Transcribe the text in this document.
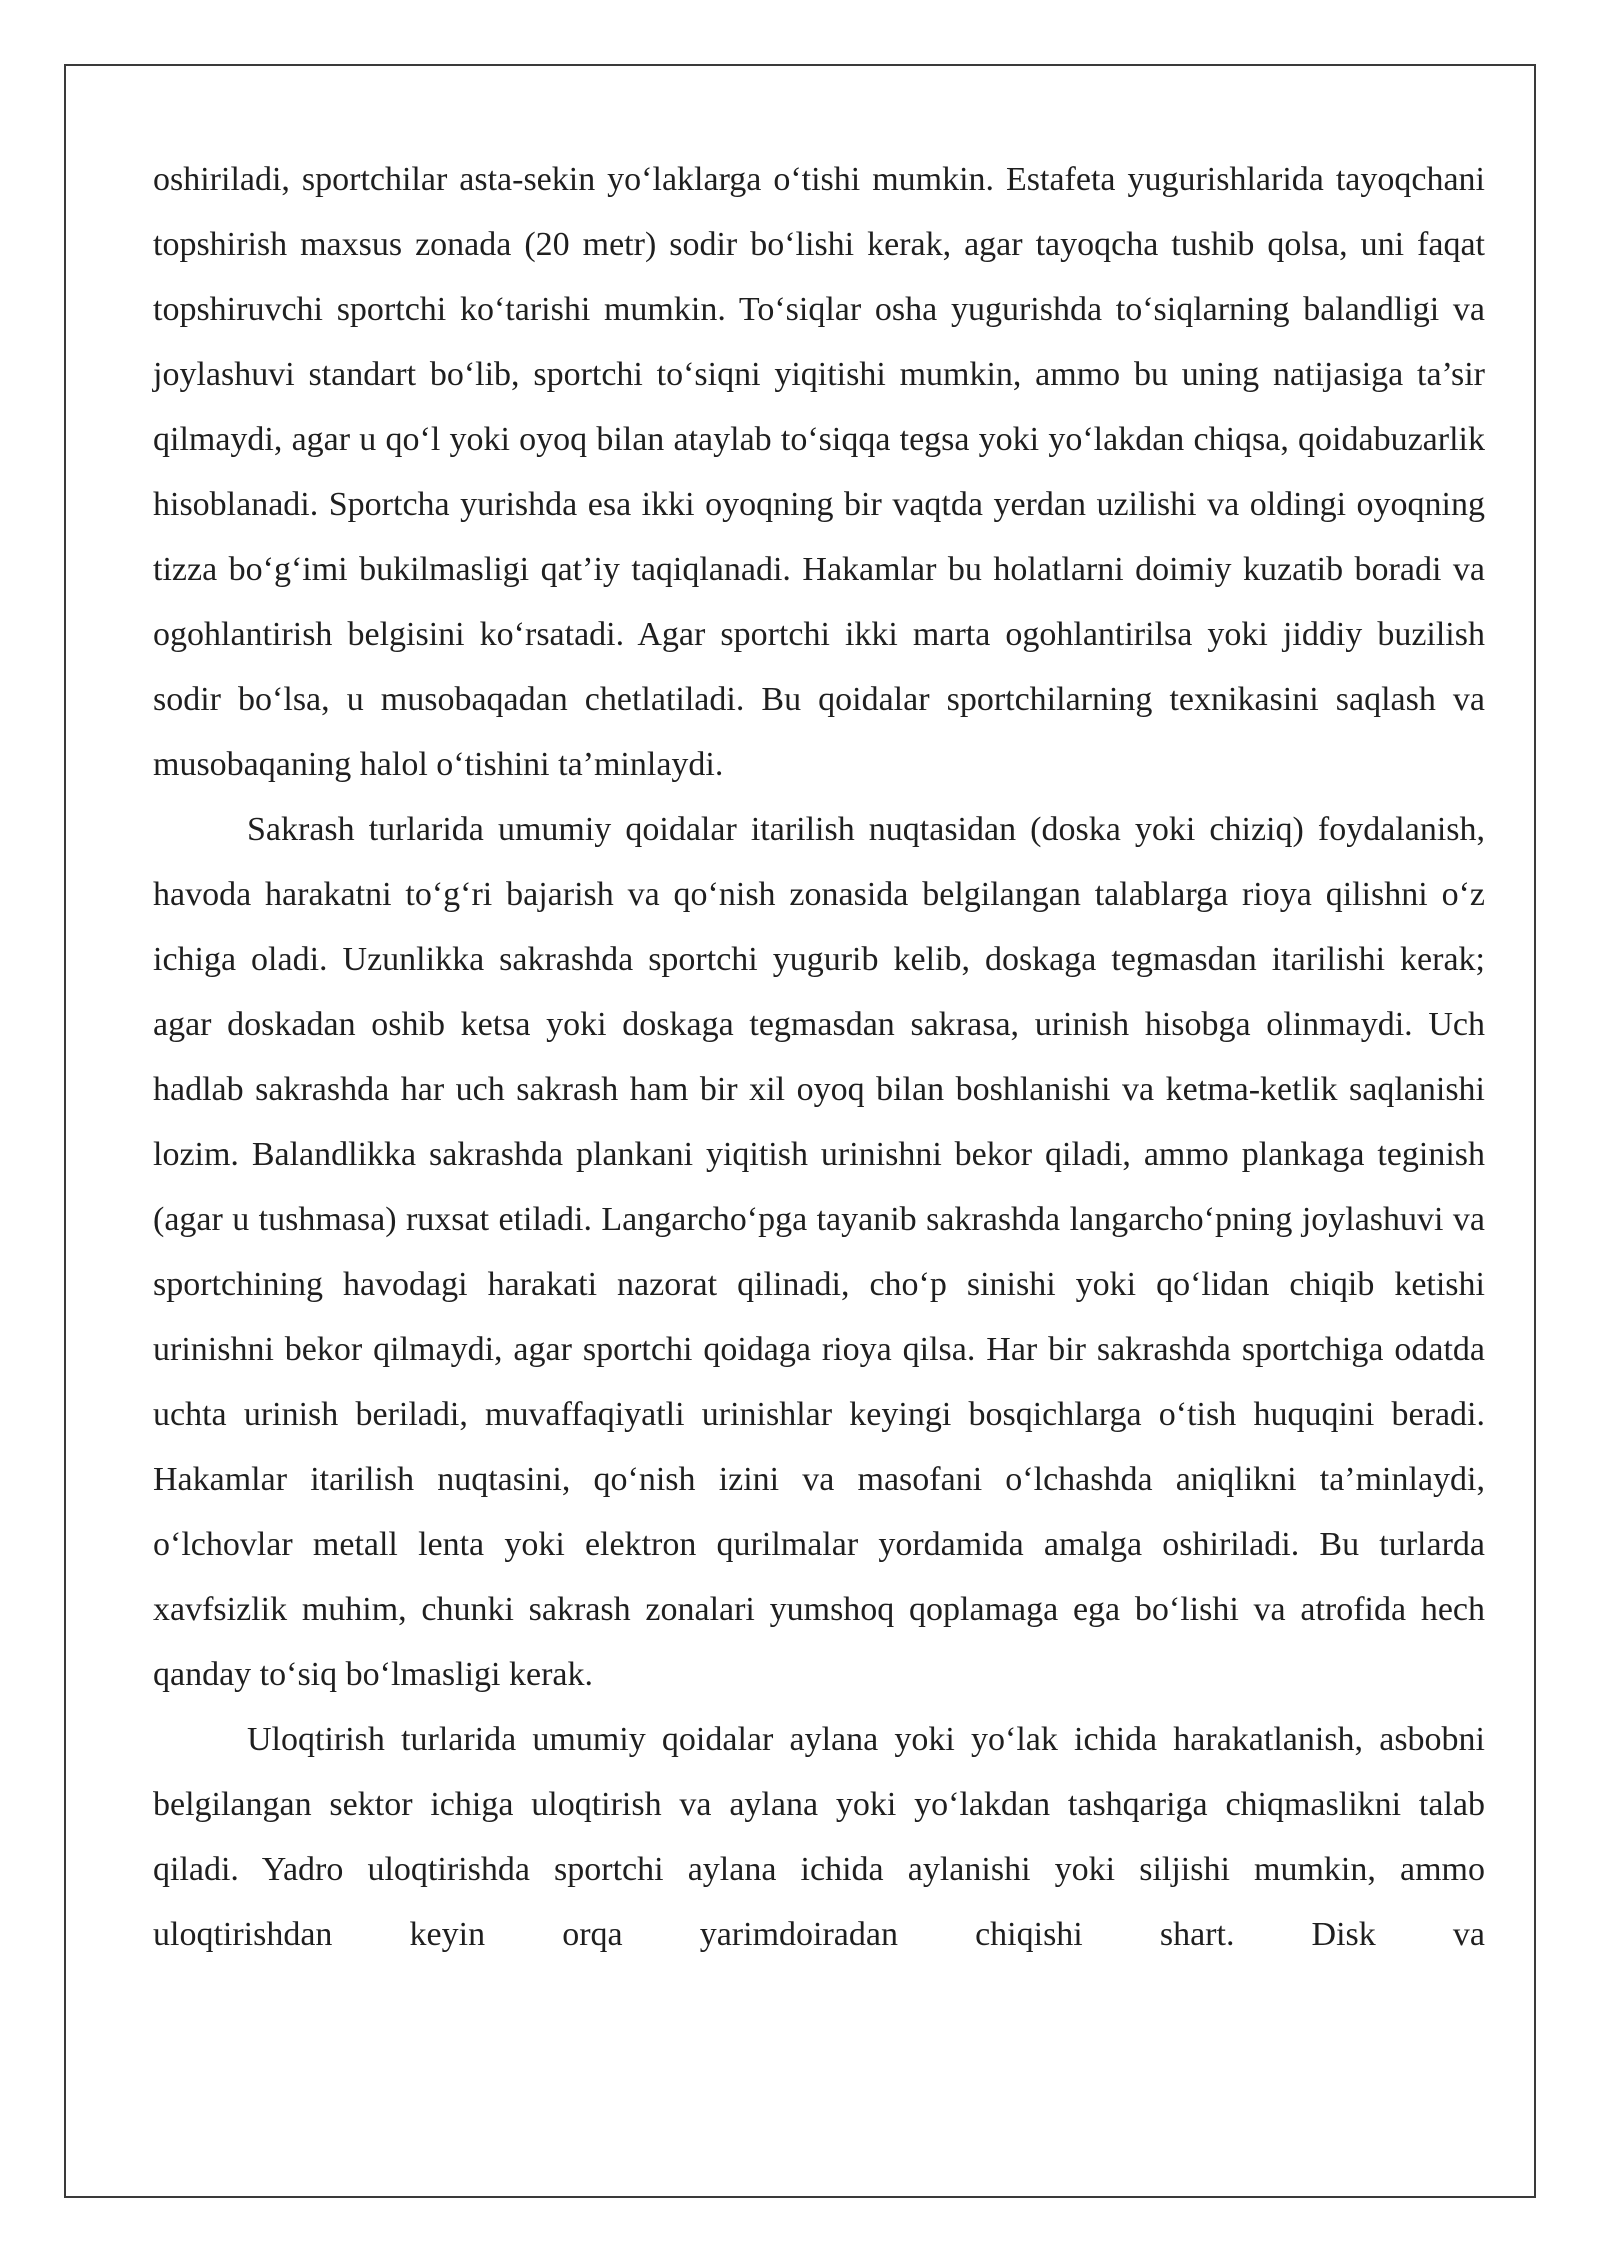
oshiriladi, sportchilar asta-sekin yo‘laklarga o‘tishi mumkin. Estafeta yugurishlarida tayoqchani topshirish maxsus zonada (20 metr) sodir bo‘lishi kerak, agar tayoqcha tushib qolsa, uni faqat topshiruvchi sportchi ko‘tarishi mumkin. To‘siqlar osha yugurishda to‘siqlarning balandligi va joylashuvi standart bo‘lib, sportchi to‘siqni yiqitishi mumkin, ammo bu uning natijasiga ta’sir qilmaydi, agar u qo‘l yoki oyoq bilan ataylab to‘siqqa tegsa yoki yo‘lakdan chiqsa, qoidabuzarlik hisoblanadi. Sportcha yurishda esa ikki oyoqning bir vaqtda yerdan uzilishi va oldingi oyoqning tizza bo‘g‘imi bukilmasligi qat’iy taqiqlanadi. Hakamlar bu holatlarni doimiy kuzatib boradi va ogohlantirish belgisini ko‘rsatadi. Agar sportchi ikki marta ogohlantirilsa yoki jiddiy buzilish sodir bo‘lsa, u musobaqadan chetlatiladi. Bu qoidalar sportchilarning texnikasini saqlash va musobaqaning halol o‘tishini ta’minlaydi.

Sakrash turlarida umumiy qoidalar itarilish nuqtasidan (doska yoki chiziq) foydalanish, havoda harakatni to‘g‘ri bajarish va qo‘nish zonasida belgilangan talablarga rioya qilishni o‘z ichiga oladi. Uzunlikka sakrashda sportchi yugurib kelib, doskaga tegmasdan itarilishi kerak; agar doskadan oshib ketsa yoki doskaga tegmasdan sakrasa, urinish hisobga olinmaydi. Uch hadlab sakrashda har uch sakrash ham bir xil oyoq bilan boshlanishi va ketma-ketlik saqlanishi lozim. Balandlikka sakrashda plankani yiqitish urinishni bekor qiladi, ammo plankaga teginish (agar u tushmasa) ruxsat etiladi. Langarcho‘pga tayanib sakrashda langarcho‘pning joylashuvi va sportchining havodagi harakati nazorat qilinadi, cho‘p sinishi yoki qo‘lidan chiqib ketishi urinishni bekor qilmaydi, agar sportchi qoidaga rioya qilsa. Har bir sakrashda sportchiga odatda uchta urinish beriladi, muvaffaqiyatli urinishlar keyingi bosqichlarga o‘tish huquqini beradi. Hakamlar itarilish nuqtasini, qo‘nish izini va masofani o‘lchashda aniqlikni ta’minlaydi, o‘lchovlar metall lenta yoki elektron qurilmalar yordamida amalga oshiriladi. Bu turlarda xavfsizlik muhim, chunki sakrash zonalari yumshoq qoplamaga ega bo‘lishi va atrofida hech qanday to‘siq bo‘lmasligi kerak.

Uloqtirish turlarida umumiy qoidalar aylana yoki yo‘lak ichida harakatlanish, asbobni belgilangan sektor ichiga uloqtirish va aylana yoki yo‘lakdan tashqariga chiqmaslikni talab qiladi. Yadro uloqtirishda sportchi aylana ichida aylanishi yoki siljishi mumkin, ammo uloqtirishdan keyin orqa yarimdoiradan chiqishi shart. Disk va
